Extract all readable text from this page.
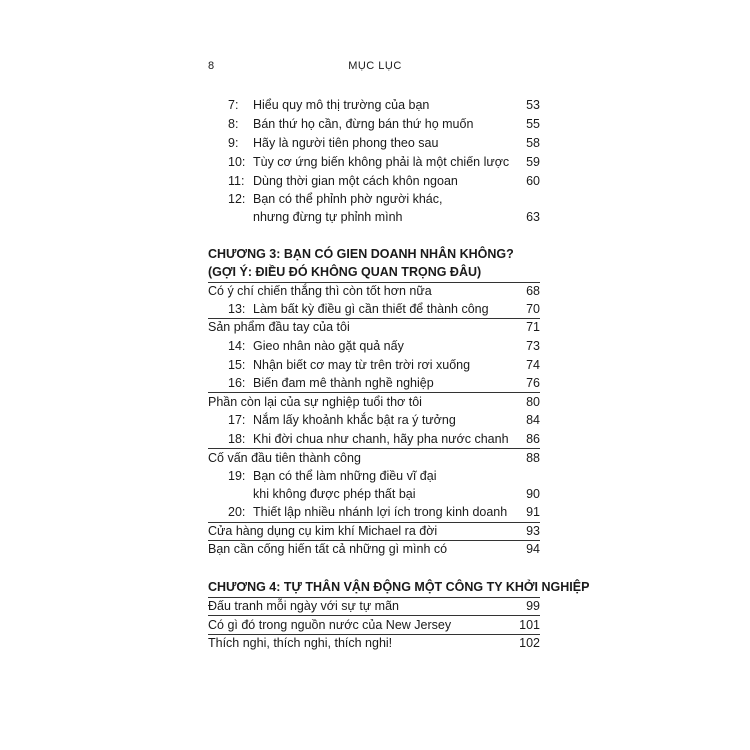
8	MỤC LỤC
7: Hiểu quy mô thị trường của bạn	53
8: Bán thứ họ cần, đừng bán thứ họ muốn	55
9: Hãy là người tiên phong theo sau	58
10: Tùy cơ ứng biến không phải là một chiến lược 59
11: Dùng thời gian một cách khôn ngoan	60
12: Bạn có thể phỉnh phờ người khác,
nhưng đừng tự phỉnh mình	63
CHƯƠNG 3: BẠN CÓ GIEN DOANH NHÂN KHÔNG?
(GỢI Ý: ĐIỀU ĐÓ KHÔNG QUAN TRỌNG ĐÂU)
Có ý chí chiến thắng thì còn tốt hơn nữa	68
13: Làm bất kỳ điều gì cần thiết để thành công	70
Sản phẩm đầu tay của tôi	71
14: Gieo nhân nào gặt quả nấy	73
15: Nhận biết cơ may từ trên trời rơi xuống	74
16: Biến đam mê thành nghề nghiệp	76
Phần còn lại của sự nghiệp tuổi thơ tôi	80
17: Nắm lấy khoảnh khắc bật ra ý tưởng	84
18: Khi đời chua như chanh, hãy pha nước chanh 86
Cố vấn đầu tiên thành công	88
19: Bạn có thể làm những điều vĩ đại
khi không được phép thất bại	90
20: Thiết lập nhiều nhánh lợi ích trong kinh doanh 91
Cửa hàng dụng cụ kim khí Michael ra đời	93
Bạn cần cống hiến tất cả những gì mình có	94
CHƯƠNG 4: TỰ THÂN VẬN ĐỘNG MỘT CÔNG TY KHỞI NGHIỆP
Đấu tranh mỗi ngày với sự tự mãn	99
Có gì đó trong nguồn nước của New Jersey	101
Thích nghi, thích nghi, thích nghi!	102
